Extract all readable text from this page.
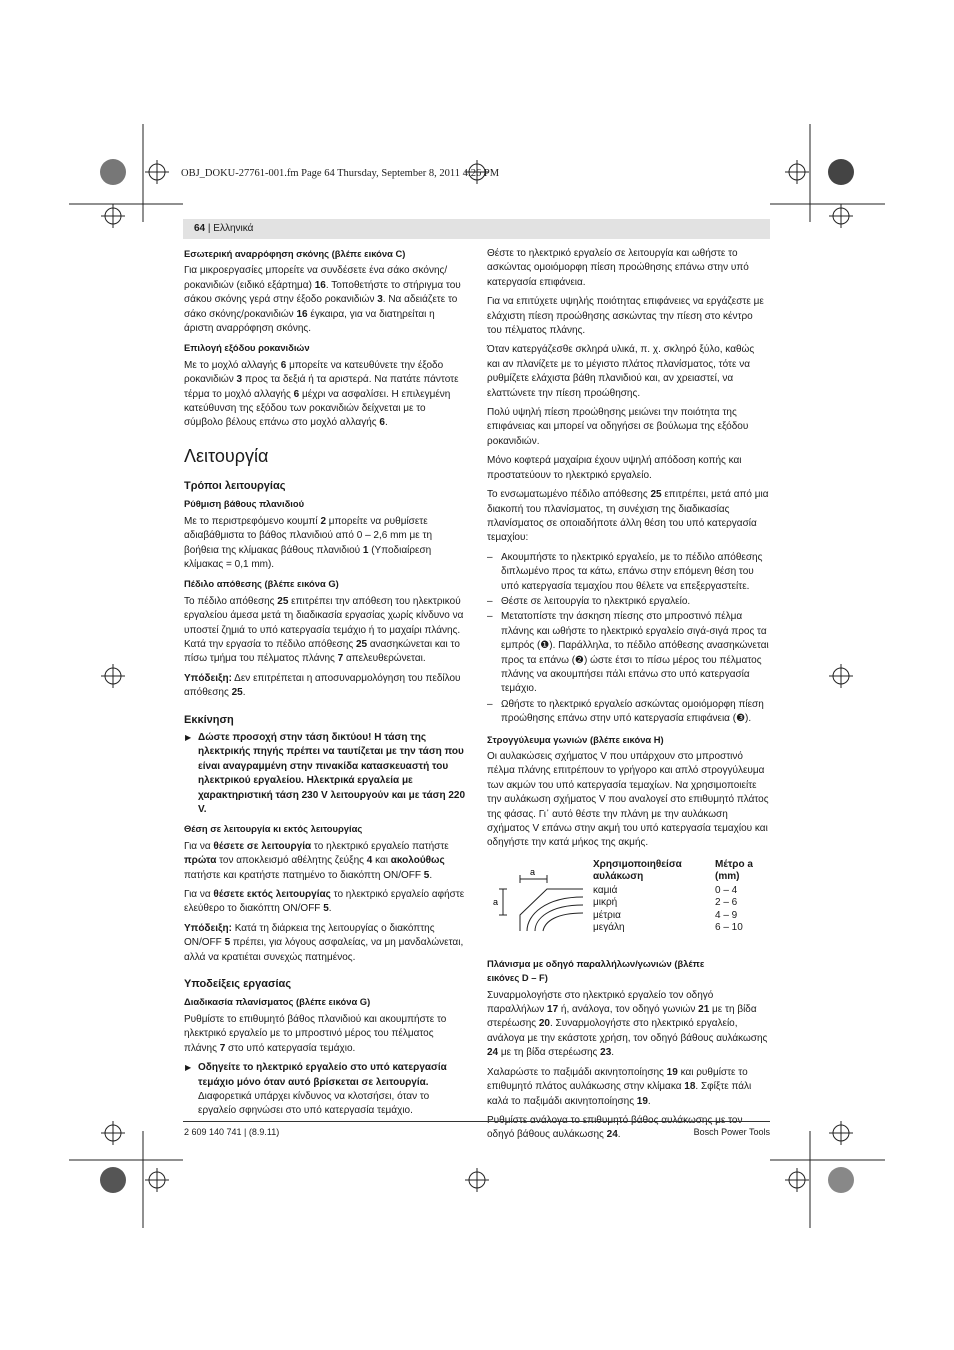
OBJ_DOKU-27761-001.fm Page 64 Thursday, September 8, 2011 4:26 PM
64 | Ελληνικά
Εσωτερική αναρρόφηση σκόνης (βλέπε εικόνα C)

Για μικροεργασίες μπορείτε να συνδέσετε ένα σάκο σκόνης/ροκανιδιών (ειδικό εξάρτημα) 16. Τοποθετήστε το στήριγμα του σάκου σκόνης γερά στην έξοδο ροκανιδιών 3. Να αδειάζετε το σάκο σκόνης/ροκανιδιών 16 έγκαιρα, για να διατηρείται η άριστη αναρρόφηση σκόνης.

Επιλογή εξόδου ροκανιδιών

Με το μοχλό αλλαγής 6 μπορείτε να κατευθύνετε την έξοδο ροκανιδιών 3 προς τα δεξιά ή τα αριστερά. Να πατάτε πάντοτε τέρμα το μοχλό αλλαγής 6 μέχρι να ασφαλίσει. Η επιλεγμένη κατεύθυνση της εξόδου των ροκανιδιών δείχνεται με το σύμβολο βέλους επάνω στο μοχλό αλλαγής 6.

Λειτουργία
Τρόποι λειτουργίας
Ρύθμιση βάθους πλανιδιού

Με το περιστρεφόμενο κουμπί 2 μπορείτε να ρυθμίσετε αδιαβάθμιστα το βάθος πλανιδιού από 0 – 2,6 mm με τη βοήθεια της κλίμακας βάθους πλανιδιού 1 (Υποδιαίρεση κλίμακας = 0,1 mm).

Πέδιλο απόθεσης (βλέπε εικόνα G)

Το πέδιλο απόθεσης 25 επιτρέπει την απόθεση του ηλεκτρικού εργαλείου άμεσα μετά τη διαδικασία εργασίας χωρίς κίνδυνο να υποστεί ζημιά το υπό κατεργασία τεμάχιο ή το μαχαίρι πλάνης. Κατά την εργασία το πέδιλο απόθεσης 25 ανασηκώνεται και το πίσω τμήμα του πέλματος πλάνης 7 απελευθερώνεται.

Υπόδειξη: Δεν επιτρέπεται η αποσυναρμολόγηση του πεδίλου απόθεσης 25.

Εκκίνηση

▶ Δώστε προσοχή στην τάση δικτύου! Η τάση της ηλεκτρικής πηγής πρέπει να ταυτίζεται με την τάση που είναι αναγραμμένη στην πινακίδα κατασκευαστή του ηλεκτρικού εργαλείου. Ηλεκτρικά εργαλεία με χαρακτηριστική τάση 230 V λειτουργούν και με τάση 220 V.

Θέση σε λειτουργία κι εκτός λειτουργίας

Για να θέσετε σε λειτουργία το ηλεκτρικό εργαλείο πατήστε πρώτα τον αποκλεισμό αθέλητης ζεύξης 4 και ακολούθως πατήστε και κρατήστε πατημένο το διακόπτη ON/OFF 5.

Για να θέσετε εκτός λειτουργίας το ηλεκτρικό εργαλείο αφήστε ελεύθερο το διακόπτη ON/OFF 5.

Υπόδειξη: Κατά τη διάρκεια της λειτουργίας ο διακόπτης ON/OFF 5 πρέπει, για λόγους ασφαλείας, να μη μανδαλώνεται, αλλά να κρατιέται συνεχώς πατημένος.

Υποδείξεις εργασίας
Διαδικασία πλανίσματος (βλέπε εικόνα G)

Ρυθμίστε το επιθυμητό βάθος πλανιδιού και ακουμπήστε το ηλεκτρικό εργαλείο με το μπροστινό μέρος του πέλματος πλάνης 7 στο υπό κατεργασία τεμάχιο.

▶ Οδηγείτε το ηλεκτρικό εργαλείο στο υπό κατεργασία τεμάχιο μόνο όταν αυτό βρίσκεται σε λειτουργία. Διαφορετικά υπάρχει κίνδυνος να κλοτσήσει, όταν το εργαλείο σφηνώσει στο υπό κατεργασία τεμάχιο.

Θέστε το ηλεκτρικό εργαλείο σε λειτουργία και ωθήστε το ασκώντας ομοιόμορφη πίεση προώθησης επάνω στην υπό κατεργασία επιφάνεια.

Για να επιτύχετε υψηλής ποιότητας επιφάνειες να εργάζεστε με ελάχιστη πίεση προώθησης ασκώντας την πίεση στο κέντρο του πέλματος πλάνης.

Όταν κατεργάζεσθε σκληρά υλικά, π. χ. σκληρό ξύλο, καθώς και αν πλανίζετε με το μέγιστο πλάτος πλανίσματος, τότε να ρυθμίζετε ελάχιστα βάθη πλανιδιού και, αν χρειαστεί, να ελαττώνετε την πίεση προώθησης.

Πολύ υψηλή πίεση προώθησης μειώνει την ποιότητα της επιφάνειας και μπορεί να οδηγήσει σε βούλωμα της εξόδου ροκανιδιών.

Μόνο κοφτερά μαχαίρια έχουν υψηλή απόδοση κοπής και προστατεύουν το ηλεκτρικό εργαλείο.

Το ενσωματωμένο πέδιλο απόθεσης 25 επιτρέπει, μετά από μια διακοπή του πλανίσματος, τη συνέχιση της διαδικασίας πλανίσματος σε οποιαδήποτε άλλη θέση του υπό κατεργασία τεμαχίου:

– Ακουμπήστε το ηλεκτρικό εργαλείο, με το πέδιλο απόθεσης διπλωμένο προς τα κάτω, επάνω στην επόμενη θέση του υπό κατεργασία τεμαχίου που θέλετε να επεξεργαστείτε.
– Θέστε σε λειτουργία το ηλεκτρικό εργαλείο.
– Μετατοπίστε την άσκηση πίεσης στο μπροστινό πέλμα πλάνης και ωθήστε το ηλεκτρικό εργαλείο σιγά-σιγά προς τα εμπρός (❶). Παράλληλα, το πέδιλο απόθεσης ανασηκώνεται προς τα επάνω (❷) ώστε έτσι το πίσω μέρος του πέλματος πλάνης να ακουμπήσει πάλι επάνω στο υπό κατεργασία τεμάχιο.
– Ωθήστε το ηλεκτρικό εργαλείο ασκώντας ομοιόμορφη πίεση προώθησης επάνω στην υπό κατεργασία επιφάνεια (❸).
Στρογγύλευμα γωνιών (βλέπε εικόνα H)

Οι αυλακώσεις σχήματος V που υπάρχουν στο μπροστινό πέλμα πλάνης επιτρέπουν το γρήγορο και απλό στρογγύλευμα των ακμών του υπό κατεργασία τεμαχίων. Να χρησιμοποιείτε την αυλάκωση σχήματος V που αναλογεί στο επιθυμητό πλάτος της φάσας. Γι᾽ αυτό θέστε την πλάνη με την αυλάκωση σχήματος V επάνω στην ακμή του υπό κατεργασία τεμαχίου και οδηγήστε την κατά μήκος της ακμής.

a
a
Χρησιμοποιηθείσα αυλάκωση
Μέτρο a (mm)
καμιά	0 – 4
μικρή	2 – 6
μέτρια	4 – 9
μεγάλη	6 – 10
Πλάνισμα με οδηγό παραλλήλων/γωνιών (βλέπε εικόνες D – F)

Συναρμολογήστε στο ηλεκτρικό εργαλείο τον οδηγό παραλλήλων 17 ή, ανάλογα, τον οδηγό γωνιών 21 με τη βίδα στερέωσης 20. Συναρμολογήστε στο ηλεκτρικό εργαλείο, ανάλογα με την εκάστοτε χρήση, τον οδηγό βάθους αυλάκωσης 24 με τη βίδα στερέωσης 23.

Χαλαρώστε το παξιμάδι ακινητοποίησης 19 και ρυθμίστε το επιθυμητό πλάτος αυλάκωσης στην κλίμακα 18. Σφίξτε πάλι καλά το παξιμάδι ακινητοποίησης 19.

οδηγό βάθους αυλάκωσης 24.

2 609 140 741 | (8.9.11)	Bosch Power Tools
